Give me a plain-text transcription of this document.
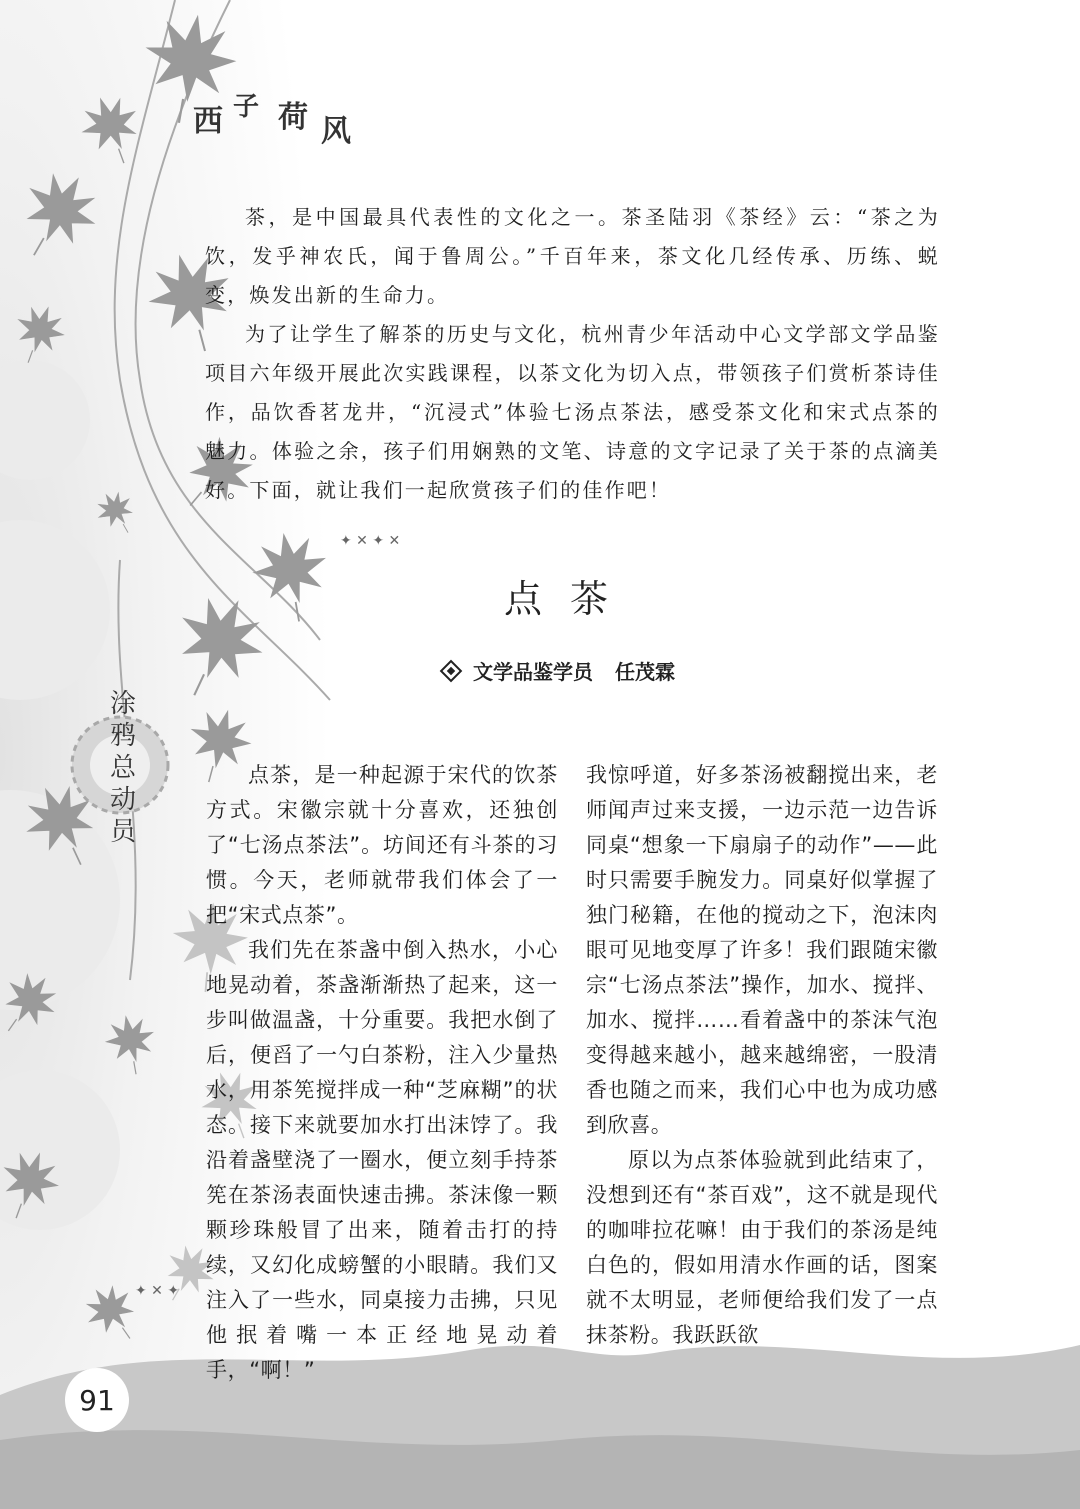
✦ ✕ ✦ ✕
✦ ✕ ✦
西 子 荷 风

茶，是中国最具代表性的文化之一。茶圣陆羽《茶经》云：“茶之为饮，发乎神农氏，闻于鲁周公。”千百年来，茶文化几经传承、历练、蜕变，焕发出新的生命力。

为了让学生了解茶的历史与文化，杭州青少年活动中心文学部文学品鉴项目六年级开展此次实践课程，以茶文化为切入点，带领孩子们赏析茶诗佳作，品饮香茗龙井，“沉浸式”体验七汤点茶法，感受茶文化和宋式点茶的魅力。体验之余，孩子们用娴熟的文笔、诗意的文字记录了关于茶的点滴美好。下面，就让我们一起欣赏孩子们的佳作吧！

点茶
文学品鉴学员 任茂霖
涂
鸦
总
动
员

点茶，是一种起源于宋代的饮茶方式。宋徽宗就十分喜欢，还独创了“七汤点茶法”。坊间还有斗茶的习惯。今天，老师就带我们体会了一把“宋式点茶”。

我们先在茶盏中倒入热水，小心地晃动着，茶盏渐渐热了起来，这一步叫做温盏，十分重要。我把水倒了后，便舀了一勺白茶粉，注入少量热水，用茶筅搅拌成一种“芝麻糊”的状态。接下来就要加水打出沫饽了。我沿着盏壁浇了一圈水，便立刻手持茶筅在茶汤表面快速击拂。茶沫像一颗颗珍珠般冒了出来，随着击打的持续，又幻化成螃蟹的小眼睛。我们又注入了一些水，同桌接力击拂，只见他抿着嘴一本正经地晃动着手，“啊！”

我惊呼道，好多茶汤被翻搅出来，老师闻声过来支援，一边示范一边告诉同桌“想象一下扇扇子的动作”——此时只需要手腕发力。同桌好似掌握了独门秘籍，在他的搅动之下，泡沫肉眼可见地变厚了许多！我们跟随宋徽宗“七汤点茶法”操作，加水、搅拌、加水、搅拌……看着盏中的茶沫气泡变得越来越小，越来越绵密，一股清香也随之而来，我们心中也为成功感到欣喜。

原以为点茶体验就到此结束了，没想到还有“茶百戏”，这不就是现代的咖啡拉花嘛！由于我们的茶汤是纯白色的，假如用清水作画的话，图案就不太明显，老师便给我们发了一点抹茶粉。我跃跃欲

91
